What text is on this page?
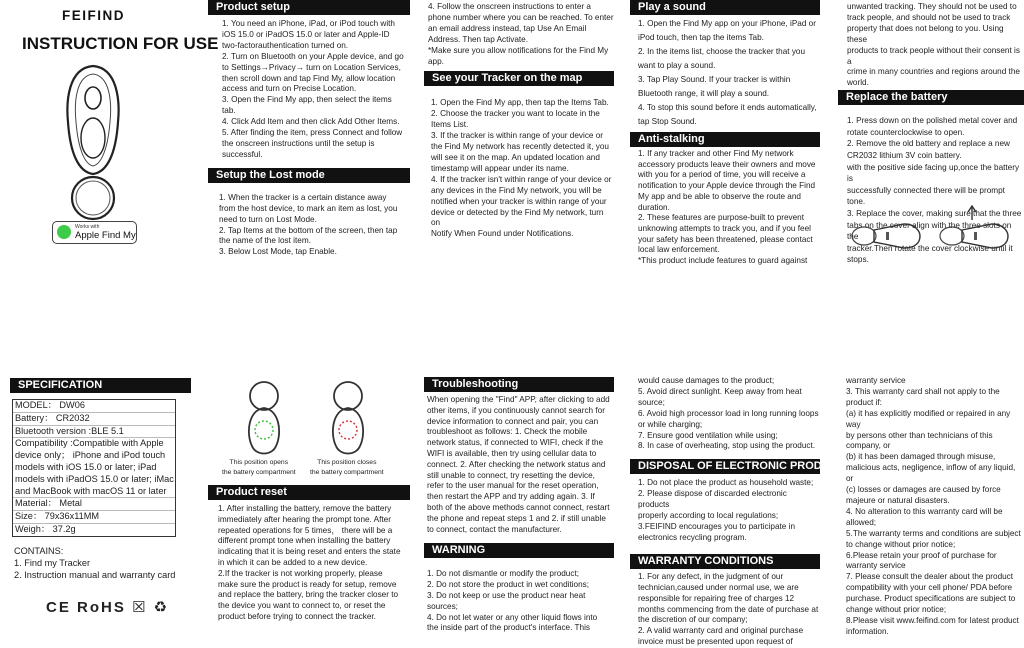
FEIFIND
INSTRUCTION FOR USE
Works with
Apple Find My
Product setup

1. You need an iPhone, iPad, or iPod touch with
iOS 15.0 or iPadOS 15.0 or later and Apple-ID
two-factorauthentication turned on.
2. Turn on Bluetooth on your Apple device, and go
to Settings→Privacy→ turn on Location Services,
then scroll down and tap Find My, allow location
access and turn on Precise Location.
3. Open the Find My app, then select the items
tab.
4. Click Add Item and then click Add Other Items.
5. After finding the item, press Connect and follow
the onscreen instructions until the setup is
successful.

Setup the Lost mode

1. When the tracker is a certain distance away
from the host device, to mark an item as lost, you
need to turn on Lost Mode.
2. Tap Items at the bottom of the screen, then tap
the name of the lost item.
3. Below Lost Mode, tap Enable.

4. Follow the onscreen instructions to enter a
phone number where you can be reached. To enter
an email address instead, tap Use An Email
Address. Then tap Activate.
*Make sure you allow notifications for the Find My
app.

See your Tracker on the map

1. Open the Find My app, then tap the Items Tab.
2. Choose the tracker you want to locate in the
Items List.
3. If the tracker is within range of your device or
the Find My network has recently detected it, you
will see it on the map. An updated location and
timestamp will appear under its name.
4. If the tracker isn't within range of your device or
any devices in the Find My network, you will be
notified when your tracker is within range of your
device or detected by the Find My network, turn on
Notify When Found under Notifications.

Play a sound

1. Open the Find My app on your iPhone, iPad or
iPod touch, then tap the items Tab.
2. In the items list, choose the tracker that you
want to play a sound.
3. Tap Play Sound. If your tracker is within
Bluetooth range, it will play a sound.
4. To stop this sound before it ends automatically,
tap Stop Sound.

Anti-stalking

1. If any tracker and other Find My network
accessory products leave their owners and move
with you for a period of time, you will receive a
notification to your Apple device through the Find
My app and be able to observe the route and
duration.
2. These features are purpose-built to prevent
unknowing attempts to track you, and if you feel
your safety has been threatened, please contact
local law enforcement.
*This product include features to guard against

unwanted tracking. They should not be used to
track people, and should not be used to track
property that does not belong to you. Using these
products to track people without their consent is a
crime in many countries and regions around the
world.

Replace the battery

1. Press down on the polished metal cover and
rotate counterclockwise to open.
2. Remove the old battery and replace a new
CR2032 lithium 3V coin battery.
with the positive side facing up,once the battery is
successfully connected there will be prompt tone.
3. Replace the cover, making sure that the three
tabs on the cover align with the three slots on the
tracker.Then rotate the cover clockwise until it
stops.

SPECIFICATION
MODEL： DW06
Battery： CR2032
Bluetooth version :BLE 5.1
Compatibility :Compatible with Apple device only； iPhone and iPod touch models with iOS 15.0 or later; iPad models with iPadOS 15.0 or later; iMac and MacBook with macOS 11 or later
Material： Metal
Size： 79x36x11MM
Weigh： 37.2g
CONTAINS:
1. Find my Tracker
2. Instruction manual and warranty card
CE RoHS ☒ ♻
This position opens
the battery compartment
This position closes
the battery compartment
Product reset

1. After installing the battery, remove the battery
immediately after hearing the prompt tone. After
repeated operations for 5 times， there will be a
different prompt tone when installing the battery
indicating that it is being reset and enters the state
in which it can be added to a new device.
2.If the tracker is not working properly, please
make sure the product is ready for setup, remove
and replace the battery, bring the tracker closer to
the device you want to connect to, or reset the
product before trying to connect the tracker.

Troubleshooting

When opening the "Find" APP, after clicking to add
other items, if you continuously cannot search for
device information to connect and pair, you can
troubleshoot as follows: 1. Check the mobile
network status, if connected to WIFI, check if the
WIFI is available, then try using cellular data to
connect. 2. After checking the network status and
still unable to connect, try resetting the device,
refer to the user manual for the reset operation,
then restart the APP and try adding again. 3. If
both of the above methods cannot connect, restart
the phone and repeat steps 1 and 2. if still unable
to connect, contact the manufacturer.

WARNING

1. Do not dismantle or modify the product;
2. Do not store the product in wet conditions;
3. Do not keep or use the product near heat
sources;
4. Do not let water or any other liquid flows into
the inside part of the product's interface. This

would cause damages to the product;
5. Avoid direct sunlight. Keep away from heat
source;
6. Avoid high processor load in long running loops
or while charging;
7. Ensure good ventilation while using;
8. In case of overheating, stop using the product.

DISPOSAL OF ELECTRONIC PRODUCTS

1. Do not place the product as household waste;
2. Please dispose of discarded electronic products
properly according to local regulations;
3.FEIFIND encourages you to participate in
electronics recycling program.

WARRANTY CONDITIONS

1. For any defect, in the judgment of our
technician,caused under normal use, we are
responsible for repairing free of charges 12
months commencing from the date of purchase at
the discretion of our company;
2. A valid warranty card and original purchase
invoice must be presented upon request of

warranty service
3. This warranty card shall not apply to the
product if:
(a) it has explicitly modified or repaired in any way
by persons other than technicians of this
company, or
(b) it has been damaged through misuse,
malicious acts, negligence, inflow of any liquid, or
(c) losses or damages are caused by force
majeure or natural disasters.
4. No alteration to this warranty card will be
allowed;
5.The warranty terms and conditions are subject
to change without prior notice;
6.Please retain your proof of purchase for
warranty service
7. Please consult the dealer about the product
compatibility with your cell phone/ PDA before
purchase. Product specifications are subject to
change without prior notice;
8.Please visit www.feifind.com for latest product
information.
